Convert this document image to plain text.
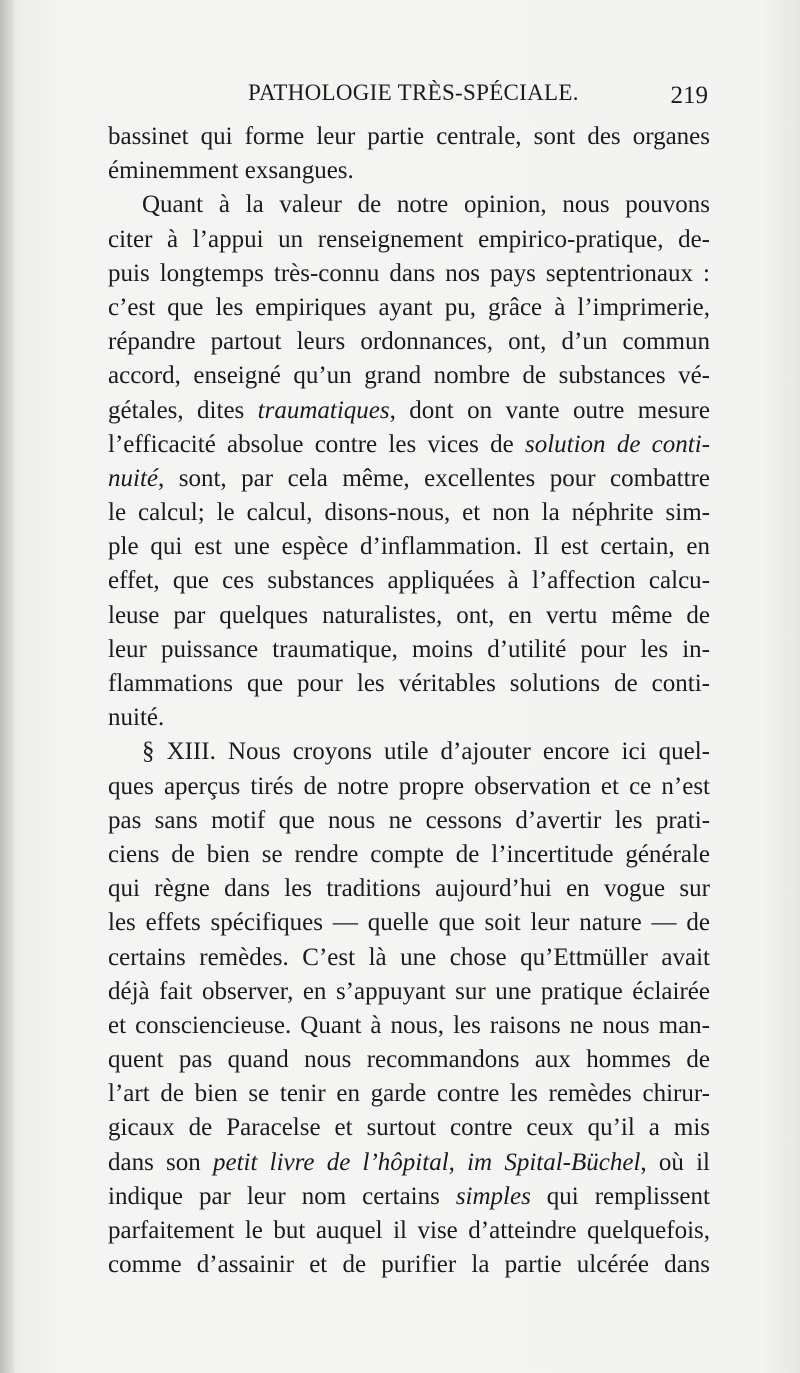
PATHOLOGIE TRÈS-SPÉCIALE.	219
bassinet qui forme leur partie centrale, sont des organes
éminemment exsangues.
Quant à la valeur de notre opinion, nous pouvons
citer à l’appui un renseignement empirico-pratique, de-
puis longtemps très-connu dans nos pays septentrionaux :
c’est que les empiriques ayant pu, grâce à l’imprimerie,
répandre partout leurs ordonnances, ont, d’un commun
accord, enseigné qu’un grand nombre de substances vé-
gétales, dites traumatiques, dont on vante outre mesure
l’efficacité absolue contre les vices de solution de conti-
nuité, sont, par cela même, excellentes pour combattre
le calcul; le calcul, disons-nous, et non la néphrite sim-
ple qui est une espèce d’inflammation. Il est certain, en
effet, que ces substances appliquées à l’affection calcu-
leuse par quelques naturalistes, ont, en vertu même de
leur puissance traumatique, moins d’utilité pour les in-
flammations que pour les véritables solutions de conti-
nuité.
§ XIII. Nous croyons utile d’ajouter encore ici quel-
ques aperçus tirés de notre propre observation et ce n’est
pas sans motif que nous ne cessons d’avertir les prati-
ciens de bien se rendre compte de l’incertitude générale
qui règne dans les traditions aujourd’hui en vogue sur
les effets spécifiques — quelle que soit leur nature — de
certains remèdes. C’est là une chose qu’Ettmüller avait
déjà fait observer, en s’appuyant sur une pratique éclairée
et consciencieuse. Quant à nous, les raisons ne nous man-
quent pas quand nous recommandons aux hommes de
l’art de bien se tenir en garde contre les remèdes chirur-
gicaux de Paracelse et surtout contre ceux qu’il a mis
dans son petit livre de l’hôpital, im Spital-Büchel, où il
indique par leur nom certains simples qui remplissent
parfaitement le but auquel il vise d’atteindre quelquefois,
comme d’assainir et de purifier la partie ulcérée dans
